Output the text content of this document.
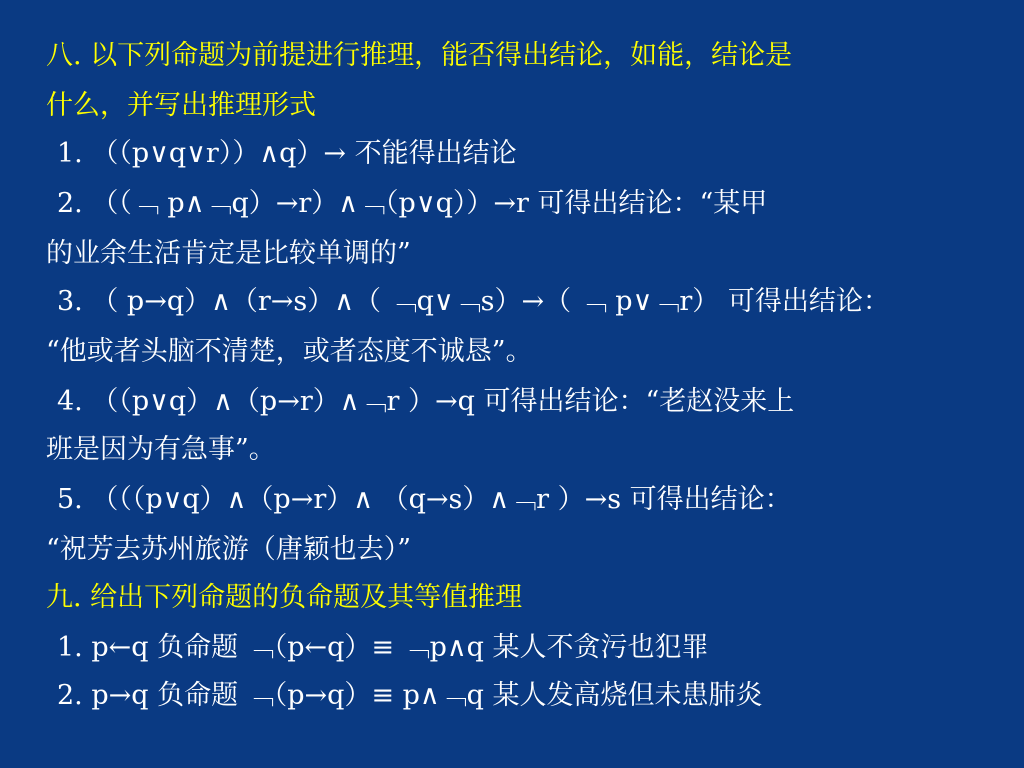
八. 以下列命题为前提进行推理，能否得出结论，如能，结论是
什么，并写出推理形式
1. （（p∨q∨r））∧q）→ 不能得出结论
2. （（﹁ p∧﹁q）→r）∧﹁（p∨q））→r 可得出结论：“某甲
的业余生活肯定是比较单调的”
3. （ p→q）∧（r→s）∧（ ﹁q∨﹁s）→（ ﹁ p∨﹁r） 可得出结论：
“他或者头脑不清楚，或者态度不诚恳”。
4. （（p∨q）∧（p→r）∧﹁r ）→q 可得出结论：“老赵没来上
班是因为有急事”。
5. （（（p∨q）∧（p→r）∧ （q→s）∧﹁r ）→s 可得出结论：
“祝芳去苏州旅游（唐颖也去）”
九. 给出下列命题的负命题及其等值推理
1. p←q 负命题 ﹁（p←q）≡ ﹁p∧q 某人不贪污也犯罪
2. p→q 负命题 ﹁（p→q）≡ p∧﹁q 某人发高烧但未患肺炎
